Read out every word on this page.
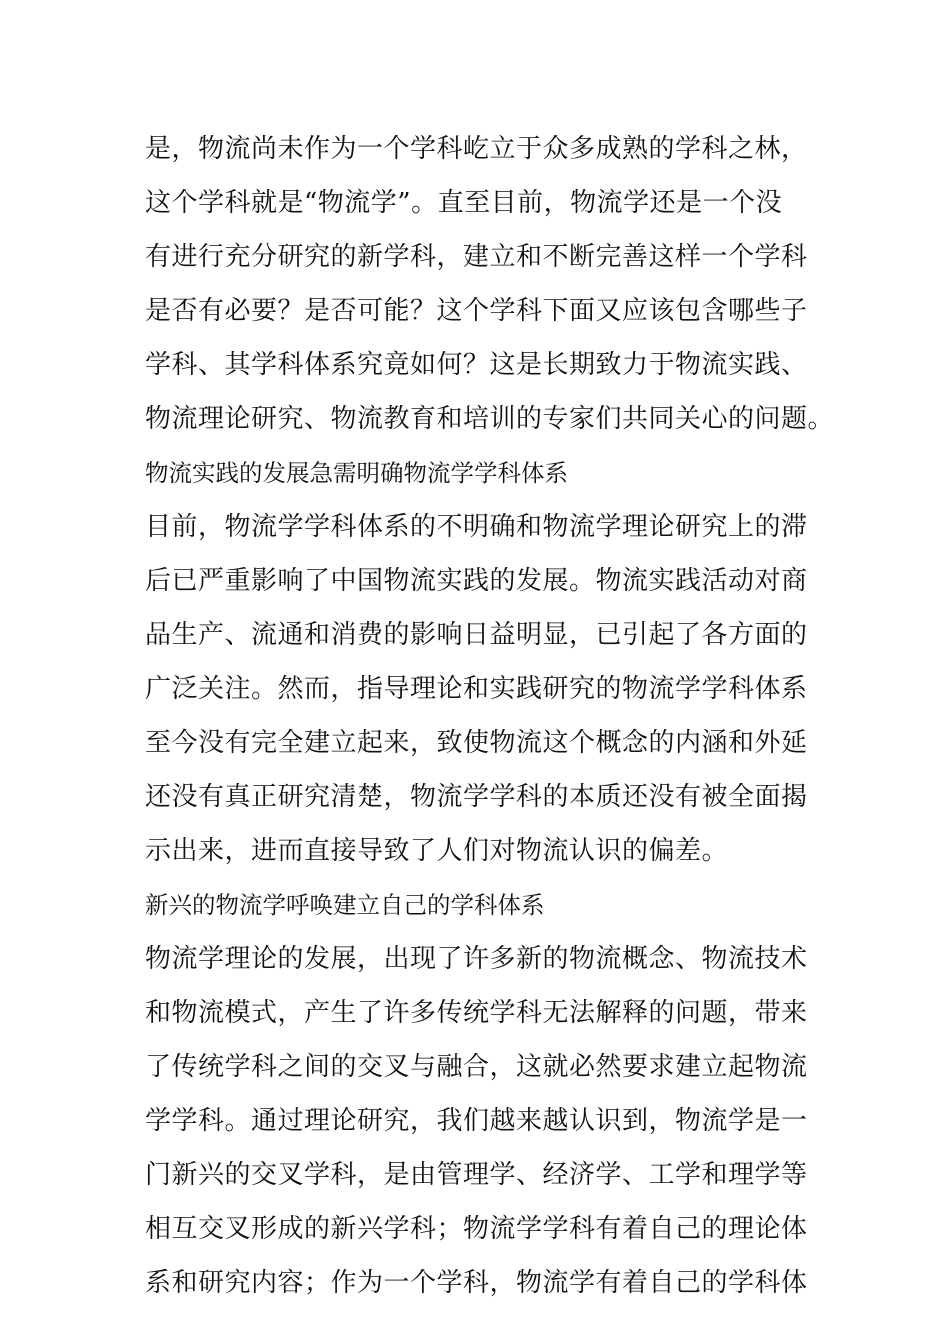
是，物流尚未作为一个学科屹立于众多成熟的学科之林，
这个学科就是“物流学”。直至目前，物流学还是一个没
有进行充分研究的新学科，建立和不断完善这样一个学科
是否有必要？是否可能？这个学科下面又应该包含哪些子
学科、其学科体系究竟如何？这是长期致力于物流实践、
物流理论研究、物流教育和培训的专家们共同关心的问题。
物流实践的发展急需明确物流学学科体系
目前，物流学学科体系的不明确和物流学理论研究上的滞
后已严重影响了中国物流实践的发展。物流实践活动对商
品生产、流通和消费的影响日益明显，已引起了各方面的
广泛关注。然而，指导理论和实践研究的物流学学科体系
至今没有完全建立起来，致使物流这个概念的内涵和外延
还没有真正研究清楚，物流学学科的本质还没有被全面揭
示出来，进而直接导致了人们对物流认识的偏差。
新兴的物流学呼唤建立自己的学科体系
物流学理论的发展，出现了许多新的物流概念、物流技术
和物流模式，产生了许多传统学科无法解释的问题，带来
了传统学科之间的交叉与融合，这就必然要求建立起物流
学学科。通过理论研究，我们越来越认识到，物流学是一
门新兴的交叉学科，是由管理学、经济学、工学和理学等
相互交叉形成的新兴学科；物流学学科有着自己的理论体
系和研究内容；作为一个学科，物流学有着自己的学科体
